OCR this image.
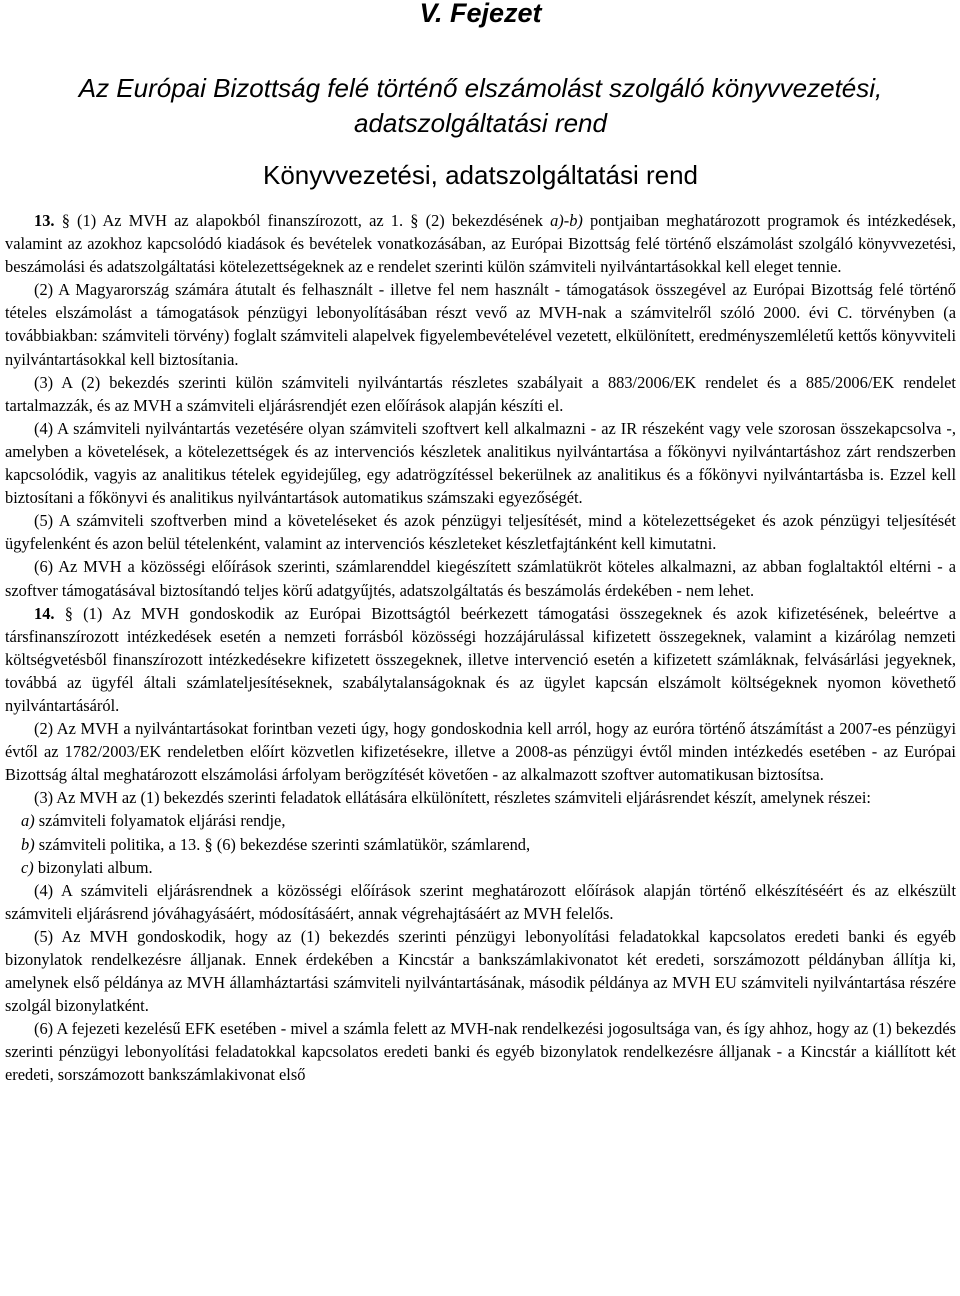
V. Fejezet
Az Európai Bizottság felé történő elszámolást szolgáló könyvvezetési,
adatszolgáltatási rend
Könyvvezetési, adatszolgáltatási rend

13. § (1) Az MVH az alapokból finanszírozott, az 1. § (2) bekezdésének a)-b) pontjaiban meghatározott programok és intézkedések, valamint az azokhoz kapcsolódó kiadások és bevételek vonatkozásában, az Európai Bizottság felé történő elszámolást szolgáló könyvvezetési, beszámolási és adatszolgáltatási kötelezettségeknek az e rendelet szerinti külön számviteli nyilvántartásokkal kell eleget tennie.

(2) A Magyarország számára átutalt és felhasznált - illetve fel nem használt - támogatások összegével az Európai Bizottság felé történő tételes elszámolást a támogatások pénzügyi lebonyolításában részt vevő az MVH-nak a számvitelről szóló 2000. évi C. törvényben (a továbbiakban: számviteli törvény) foglalt számviteli alapelvek figyelembevételével vezetett, elkülönített, eredményszemléletű kettős könyvviteli nyilvántartásokkal kell biztosítania.

(3) A (2) bekezdés szerinti külön számviteli nyilvántartás részletes szabályait a 883/2006/EK rendelet és a 885/2006/EK rendelet tartalmazzák, és az MVH a számviteli eljárásrendjét ezen előírások alapján készíti el.

(4) A számviteli nyilvántartás vezetésére olyan számviteli szoftvert kell alkalmazni - az IR részeként vagy vele szorosan összekapcsolva -, amelyben a követelések, a kötelezettségek és az intervenciós készletek analitikus nyilvántartása a főkönyvi nyilvántartáshoz zárt rendszerben kapcsolódik, vagyis az analitikus tételek egyidejűleg, egy adatrögzítéssel bekerülnek az analitikus és a főkönyvi nyilvántartásba is. Ezzel kell biztosítani a főkönyvi és analitikus nyilvántartások automatikus számszaki egyezőségét.

(5) A számviteli szoftverben mind a követeléseket és azok pénzügyi teljesítését, mind a kötelezettségeket és azok pénzügyi teljesítését ügyfelenként és azon belül tételenként, valamint az intervenciós készleteket készletfajtánként kell kimutatni.

(6) Az MVH a közösségi előírások szerinti, számlarenddel kiegészített számlatükröt köteles alkalmazni, az abban foglaltaktól eltérni - a szoftver támogatásával biztosítandó teljes körű adatgyűjtés, adatszolgáltatás és beszámolás érdekében - nem lehet.

14. § (1) Az MVH gondoskodik az Európai Bizottságtól beérkezett támogatási összegeknek és azok kifizetésének, beleértve a társfinanszírozott intézkedések esetén a nemzeti forrásból közösségi hozzájárulással kifizetett összegeknek, valamint a kizárólag nemzeti költségvetésből finanszírozott intézkedésekre kifizetett összegeknek, illetve intervenció esetén a kifizetett számláknak, felvásárlási jegyeknek, továbbá az ügyfél általi számlateljesítéseknek, szabálytalanságoknak és az ügylet kapcsán elszámolt költségeknek nyomon követhető nyilvántartásáról.

(2) Az MVH a nyilvántartásokat forintban vezeti úgy, hogy gondoskodnia kell arról, hogy az euróra történő átszámítást a 2007-es pénzügyi évtől az 1782/2003/EK rendeletben előírt közvetlen kifizetésekre, illetve a 2008-as pénzügyi évtől minden intézkedés esetében - az Európai Bizottság által meghatározott elszámolási árfolyam berögzítését követően - az alkalmazott szoftver automatikusan biztosítsa.

(3) Az MVH az (1) bekezdés szerinti feladatok ellátására elkülönített, részletes számviteli eljárásrendet készít, amelynek részei:

a) számviteli folyamatok eljárási rendje,

b) számviteli politika, a 13. § (6) bekezdése szerinti számlatükör, számlarend,

c) bizonylati album.

(4) A számviteli eljárásrendnek a közösségi előírások szerint meghatározott előírások alapján történő elkészítéséért és az elkészült számviteli eljárásrend jóváhagyásáért, módosításáért, annak végrehajtásáért az MVH felelős.

(5) Az MVH gondoskodik, hogy az (1) bekezdés szerinti pénzügyi lebonyolítási feladatokkal kapcsolatos eredeti banki és egyéb bizonylatok rendelkezésre álljanak. Ennek érdekében a Kincstár a bankszámlakivonatot két eredeti, sorszámozott példányban állítja ki, amelynek első példánya az MVH államháztartási számviteli nyilvántartásának, második példánya az MVH EU számviteli nyilvántartása részére szolgál bizonylatként.

(6) A fejezeti kezelésű EFK esetében - mivel a számla felett az MVH-nak rendelkezési jogosultsága van, és így ahhoz, hogy az (1) bekezdés szerinti pénzügyi lebonyolítási feladatokkal kapcsolatos eredeti banki és egyéb bizonylatok rendelkezésre álljanak - a Kincstár a kiállított két eredeti, sorszámozott bankszámlakivonat első
